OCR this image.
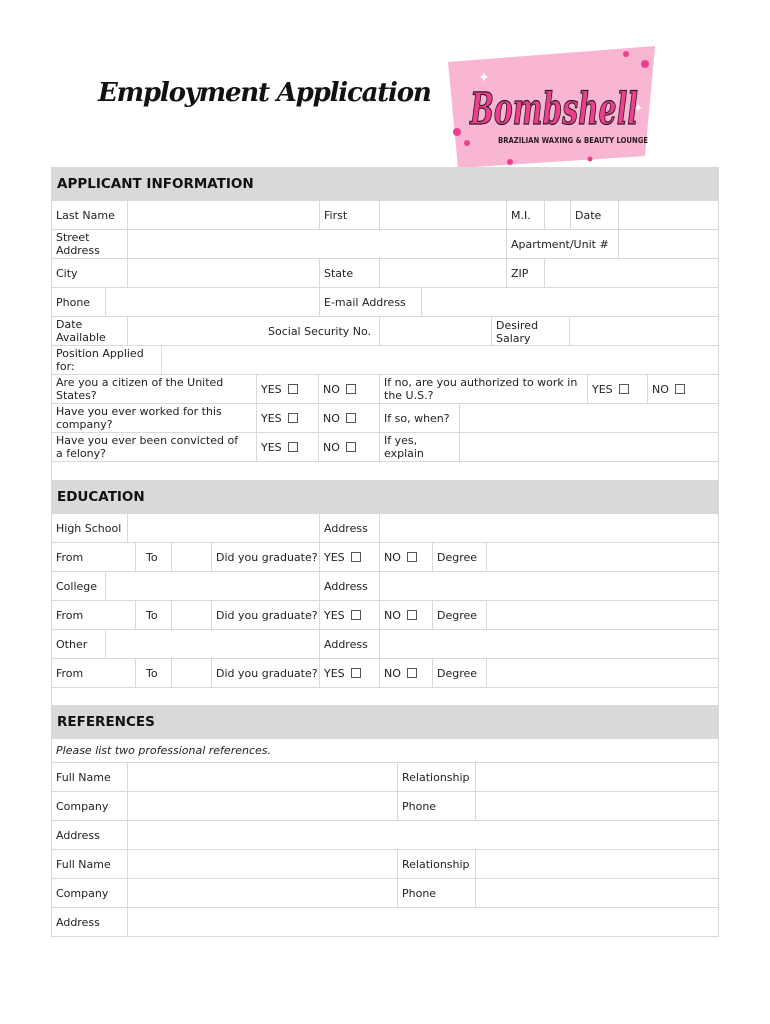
Employment Application	✦
✦
Bombshell
BRAZILIAN WAXING & BEAUTY LOUNGE
APPLICANT INFORMATION
Last Name	First	M.I.	Date
Street Address	Apartment/Unit #
City	State	ZIP
Phone	E-mail Address
Date Available	Social Security No.	Desired Salary
Position Applied for:
Are you a citizen of the United States?	YES	NO	If no, are you authorized to work in the U.S.?	YES	NO
Have you ever worked for this company?	YES	NO	If so, when?
Have you ever been convicted of a felony?	YES	NO	If yes, explain
EDUCATION
High School	Address
From	To	Did you graduate? YES	NO	Degree
College	Address
From	To	Did you graduate? YES	NO	Degree
Other	Address
From	To	Did you graduate? YES	NO	Degree
REFERENCES
Please list two professional references.
Full Name	Relationship
Company	Phone
Address
Full Name	Relationship
Company	Phone
Address
